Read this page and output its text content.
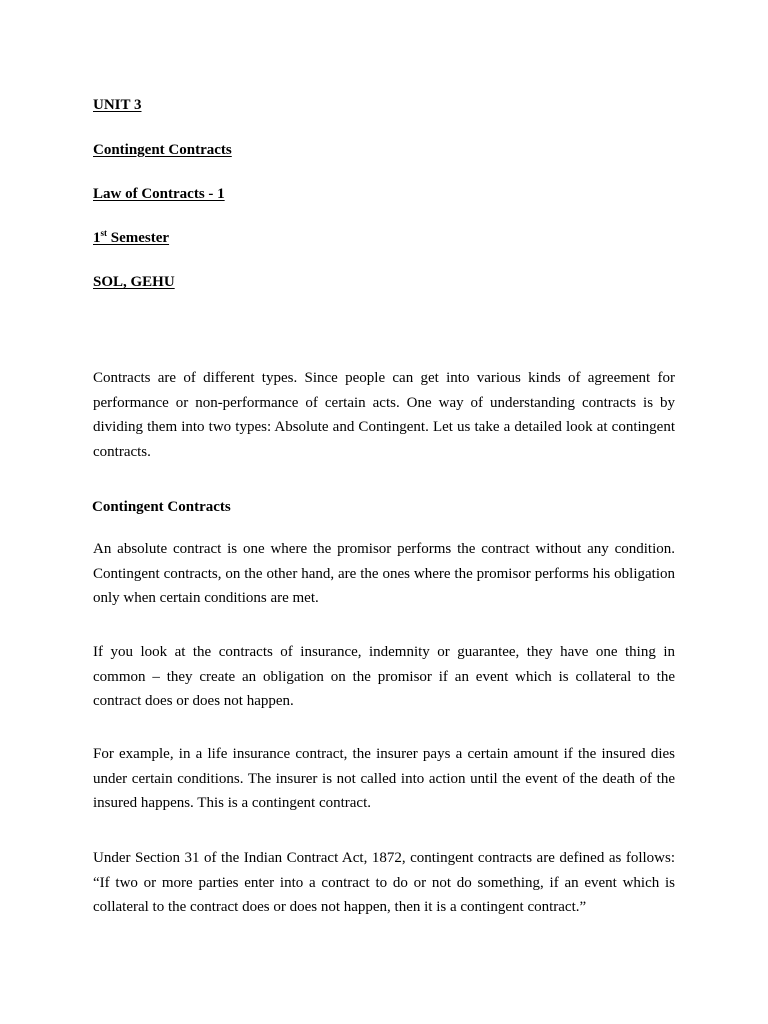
UNIT 3
Contingent Contracts
Law of Contracts - 1
1st Semester
SOL, GEHU

Contracts are of different types. Since people can get into various kinds of agreement for performance or non-performance of certain acts. One way of understanding contracts is by dividing them into two types: Absolute and Contingent. Let us take a detailed look at contingent contracts.

Contingent Contracts

An absolute contract is one where the promisor performs the contract without any condition. Contingent contracts, on the other hand, are the ones where the promisor performs his obligation only when certain conditions are met.

If you look at the contracts of insurance, indemnity or guarantee, they have one thing in common – they create an obligation on the promisor if an event which is collateral to the contract does or does not happen.

For example, in a life insurance contract, the insurer pays a certain amount if the insured dies under certain conditions. The insurer is not called into action until the event of the death of the insured happens. This is a contingent contract.

Under Section 31 of the Indian Contract Act, 1872, contingent contracts are defined as follows: “If two or more parties enter into a contract to do or not do something, if an event which is collateral to the contract does or does not happen, then it is a contingent contract.”
